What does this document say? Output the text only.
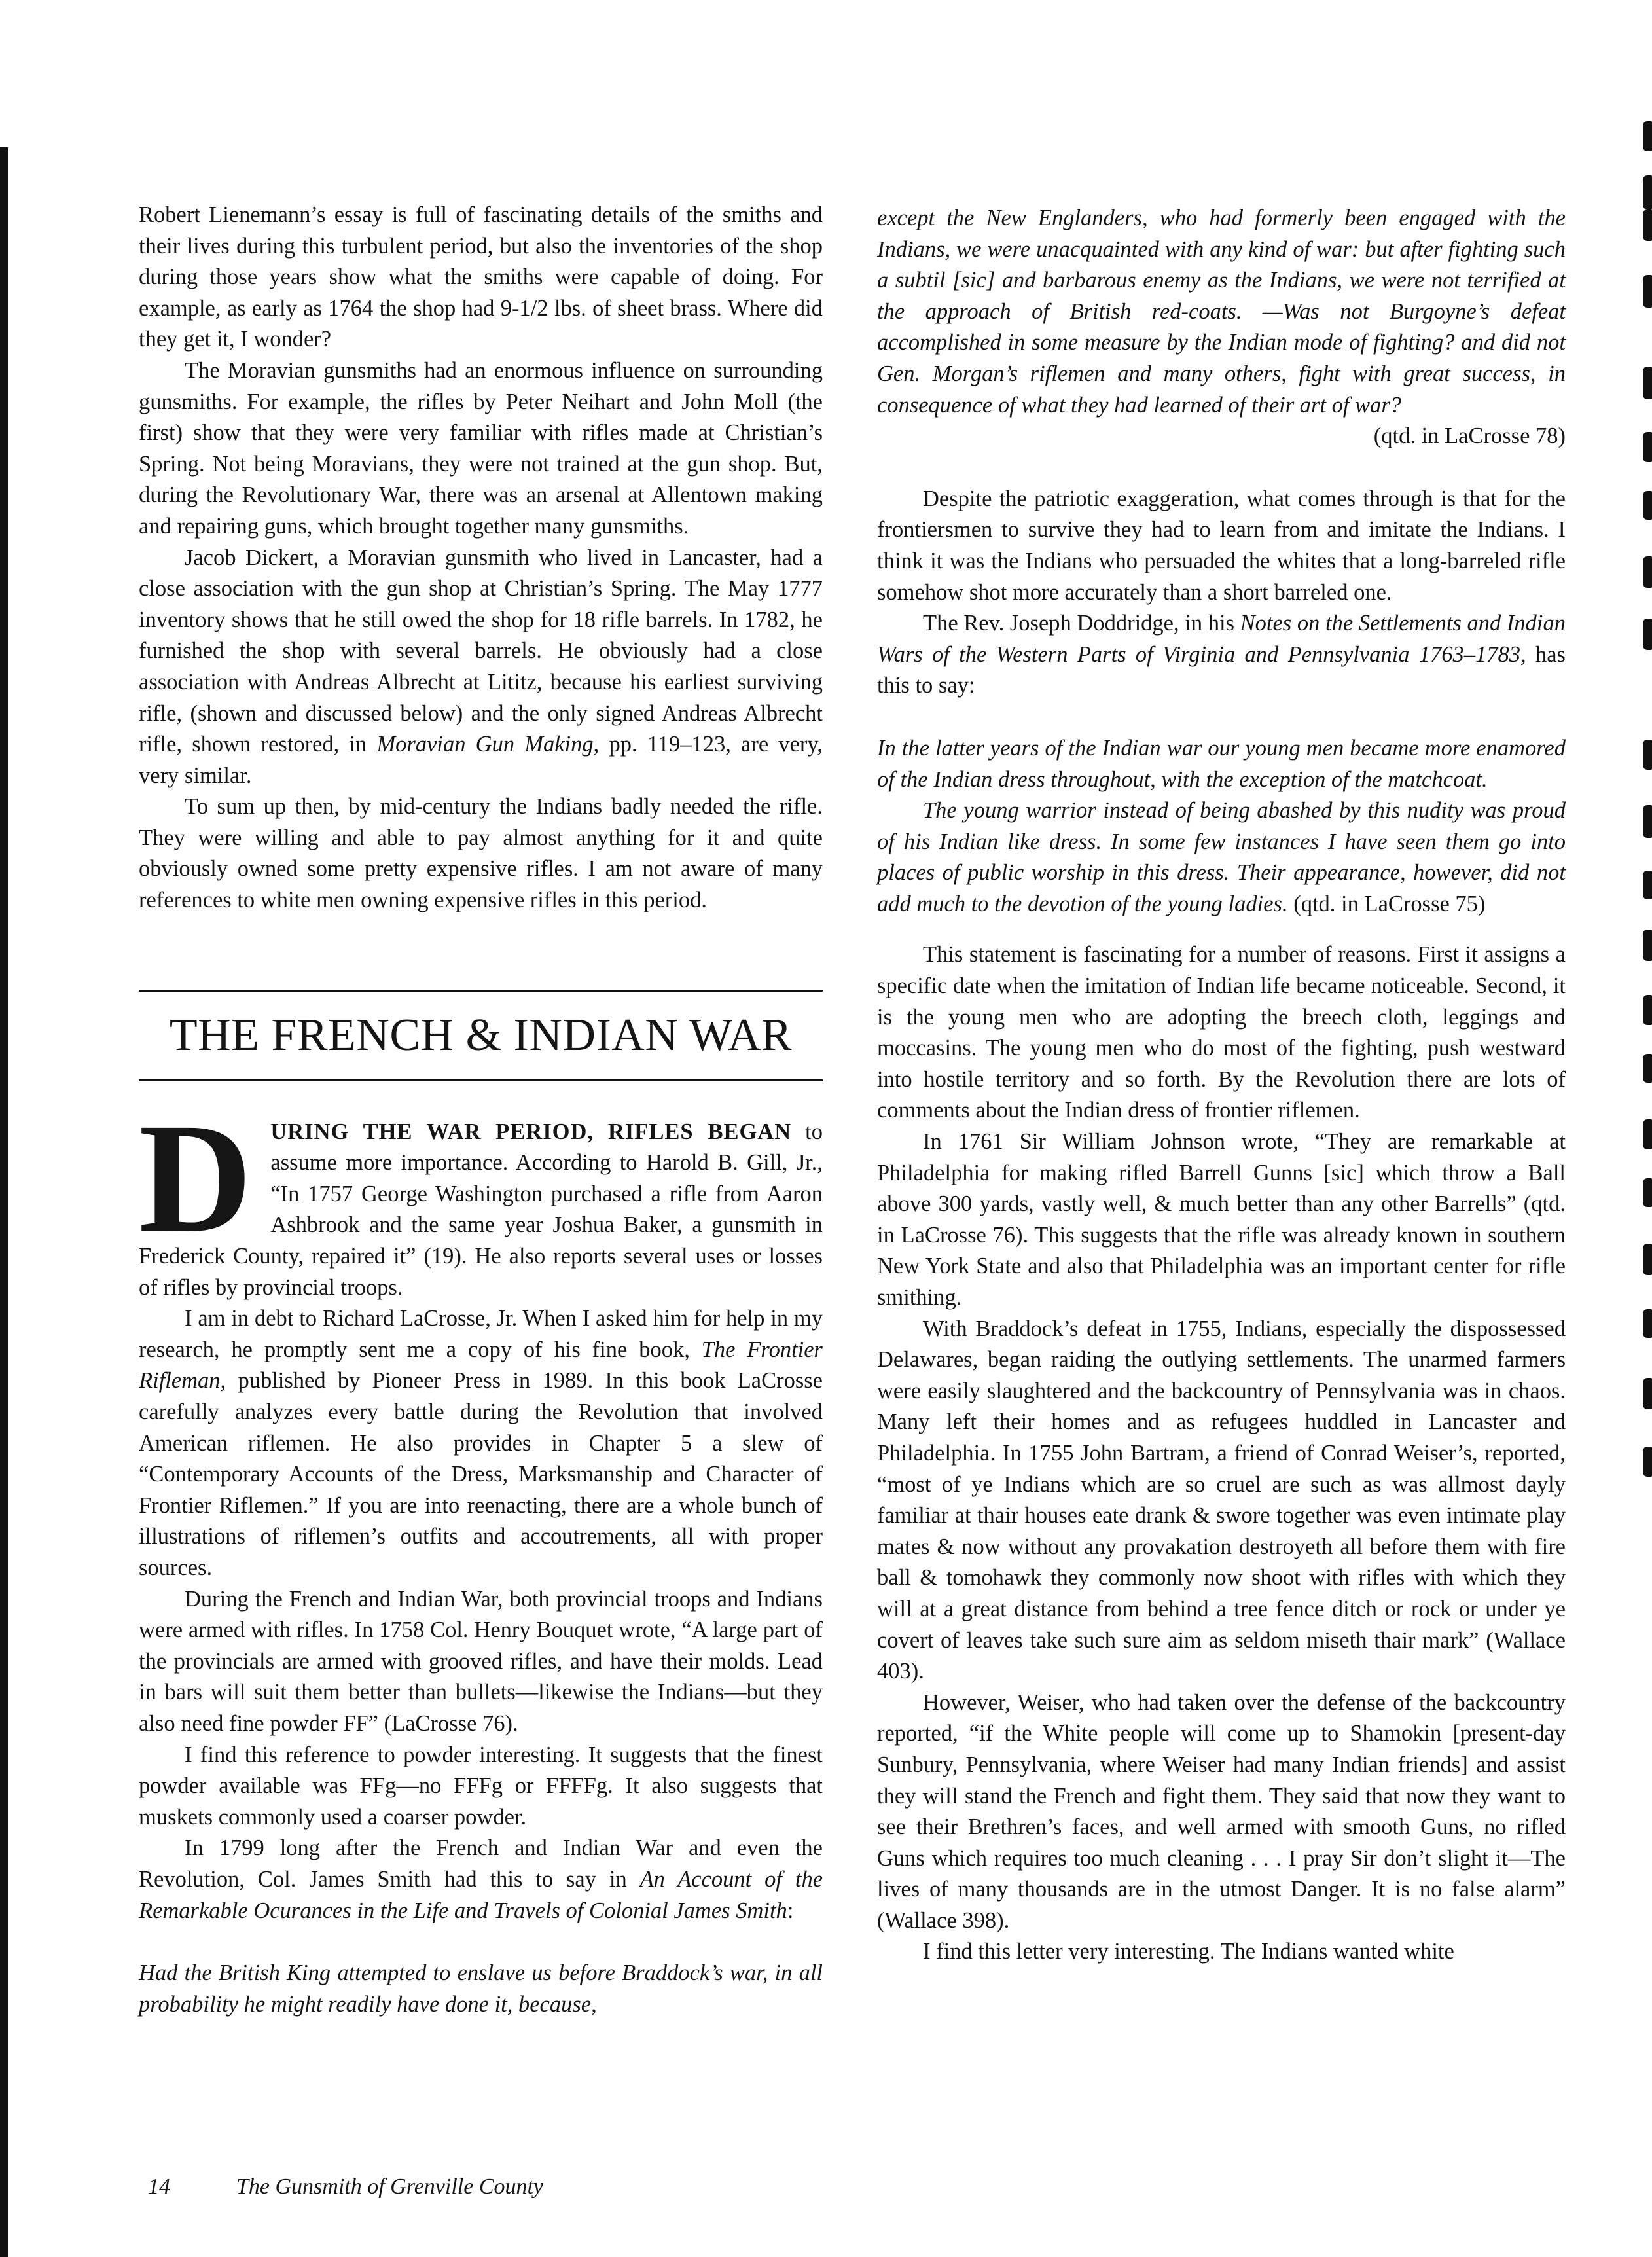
Robert Lienemann’s essay is full of fascinating details of the smiths and their lives during this turbulent period, but also the inventories of the shop during those years show what the smiths were capable of doing. For example, as early as 1764 the shop had 9-1/2 lbs. of sheet brass. Where did they get it, I wonder?

The Moravian gunsmiths had an enormous influence on surrounding gunsmiths. For example, the rifles by Peter Neihart and John Moll (the first) show that they were very familiar with rifles made at Christian’s Spring. Not being Moravians, they were not trained at the gun shop. But, during the Revolutionary War, there was an arsenal at Allentown making and repairing guns, which brought together many gunsmiths.

Jacob Dickert, a Moravian gunsmith who lived in Lancaster, had a close association with the gun shop at Christian’s Spring. The May 1777 inventory shows that he still owed the shop for 18 rifle barrels. In 1782, he furnished the shop with several barrels. He obviously had a close association with Andreas Albrecht at Lititz, because his earliest surviving rifle, (shown and discussed below) and the only signed Andreas Albrecht rifle, shown restored, in Moravian Gun Making, pp. 119–123, are very, very similar.

To sum up then, by mid-century the Indians badly needed the rifle. They were willing and able to pay almost anything for it and quite obviously owned some pretty expensive rifles. I am not aware of many references to white men owning expensive rifles in this period.

THE FRENCH & INDIAN WAR
D URING THE WAR PERIOD, RIFLES BEGAN to assume more importance. According to Harold B. Gill, Jr., “In 1757 George Washington purchased a rifle from Aaron Ashbrook and the same year Joshua Baker, a gunsmith in Frederick County, repaired it” (19). He also reports several uses or losses of rifles by provincial troops.

I am in debt to Richard LaCrosse, Jr. When I asked him for help in my research, he promptly sent me a copy of his fine book, The Frontier Rifleman, published by Pioneer Press in 1989. In this book LaCrosse carefully analyzes every battle during the Revolution that involved American riflemen. He also provides in Chapter 5 a slew of “Contemporary Accounts of the Dress, Marksmanship and Character of Frontier Riflemen.” If you are into reenacting, there are a whole bunch of illustrations of riflemen’s outfits and accoutrements, all with proper sources.

During the French and Indian War, both provincial troops and Indians were armed with rifles. In 1758 Col. Henry Bouquet wrote, “A large part of the provincials are armed with grooved rifles, and have their molds. Lead in bars will suit them better than bullets—likewise the Indians—but they also need fine powder FF” (LaCrosse 76).

I find this reference to powder interesting. It suggests that the finest powder available was FFg—no FFFg or FFFFg. It also suggests that muskets commonly used a coarser powder.

In 1799 long after the French and Indian War and even the Revolution, Col. James Smith had this to say in An Account of the Remarkable Ocurances in the Life and Travels of Colonial James Smith:

Had the British King attempted to enslave us before Braddock’s war, in all probability he might readily have done it, because,

except the New Englanders, who had formerly been engaged with the Indians, we were unacquainted with any kind of war: but after fighting such a subtil [sic] and barbarous enemy as the Indians, we were not terrified at the approach of British red-coats. —Was not Burgoyne’s defeat accomplished in some measure by the Indian mode of fighting? and did not Gen. Morgan’s riflemen and many others, fight with great success, in consequence of what they had learned of their art of war?

(qtd. in LaCrosse 78)

Despite the patriotic exaggeration, what comes through is that for the frontiersmen to survive they had to learn from and imitate the Indians. I think it was the Indians who persuaded the whites that a long-barreled rifle somehow shot more accurately than a short barreled one.

The Rev. Joseph Doddridge, in his Notes on the Settlements and Indian Wars of the Western Parts of Virginia and Pennsylvania 1763–1783, has this to say:

In the latter years of the Indian war our young men became more enamored of the Indian dress throughout, with the exception of the matchcoat.

The young warrior instead of being abashed by this nudity was proud of his Indian like dress. In some few instances I have seen them go into places of public worship in this dress. Their appearance, however, did not add much to the devotion of the young ladies. (qtd. in LaCrosse 75)

This statement is fascinating for a number of reasons. First it assigns a specific date when the imitation of Indian life became noticeable. Second, it is the young men who are adopting the breech cloth, leggings and moccasins. The young men who do most of the fighting, push westward into hostile territory and so forth. By the Revolution there are lots of comments about the Indian dress of frontier riflemen.

In 1761 Sir William Johnson wrote, “They are remarkable at Philadelphia for making rifled Barrell Gunns [sic] which throw a Ball above 300 yards, vastly well, & much better than any other Barrells” (qtd. in LaCrosse 76). This suggests that the rifle was already known in southern New York State and also that Philadelphia was an important center for rifle smithing.

With Braddock’s defeat in 1755, Indians, especially the dispossessed Delawares, began raiding the outlying settlements. The unarmed farmers were easily slaughtered and the backcountry of Pennsylvania was in chaos. Many left their homes and as refugees huddled in Lancaster and Philadelphia. In 1755 John Bartram, a friend of Conrad Weiser’s, reported, “most of ye Indians which are so cruel are such as was allmost dayly familiar at thair houses eate drank & swore together was even intimate play mates & now without any provakation destroyeth all before them with fire ball & tomohawk they commonly now shoot with rifles with which they will at a great distance from behind a tree fence ditch or rock or under ye covert of leaves take such sure aim as seldom miseth thair mark” (Wallace 403).

However, Weiser, who had taken over the defense of the backcountry reported, “if the White people will come up to Shamokin [present-day Sunbury, Pennsylvania, where Weiser had many Indian friends] and assist they will stand the French and fight them. They said that now they want to see their Brethren’s faces, and well armed with smooth Guns, no rifled Guns which requires too much cleaning . . . I pray Sir don’t slight it—The lives of many thousands are in the utmost Danger. It is no false alarm” (Wallace 398).

I find this letter very interesting. The Indians wanted white

14	The Gunsmith of Grenville County
